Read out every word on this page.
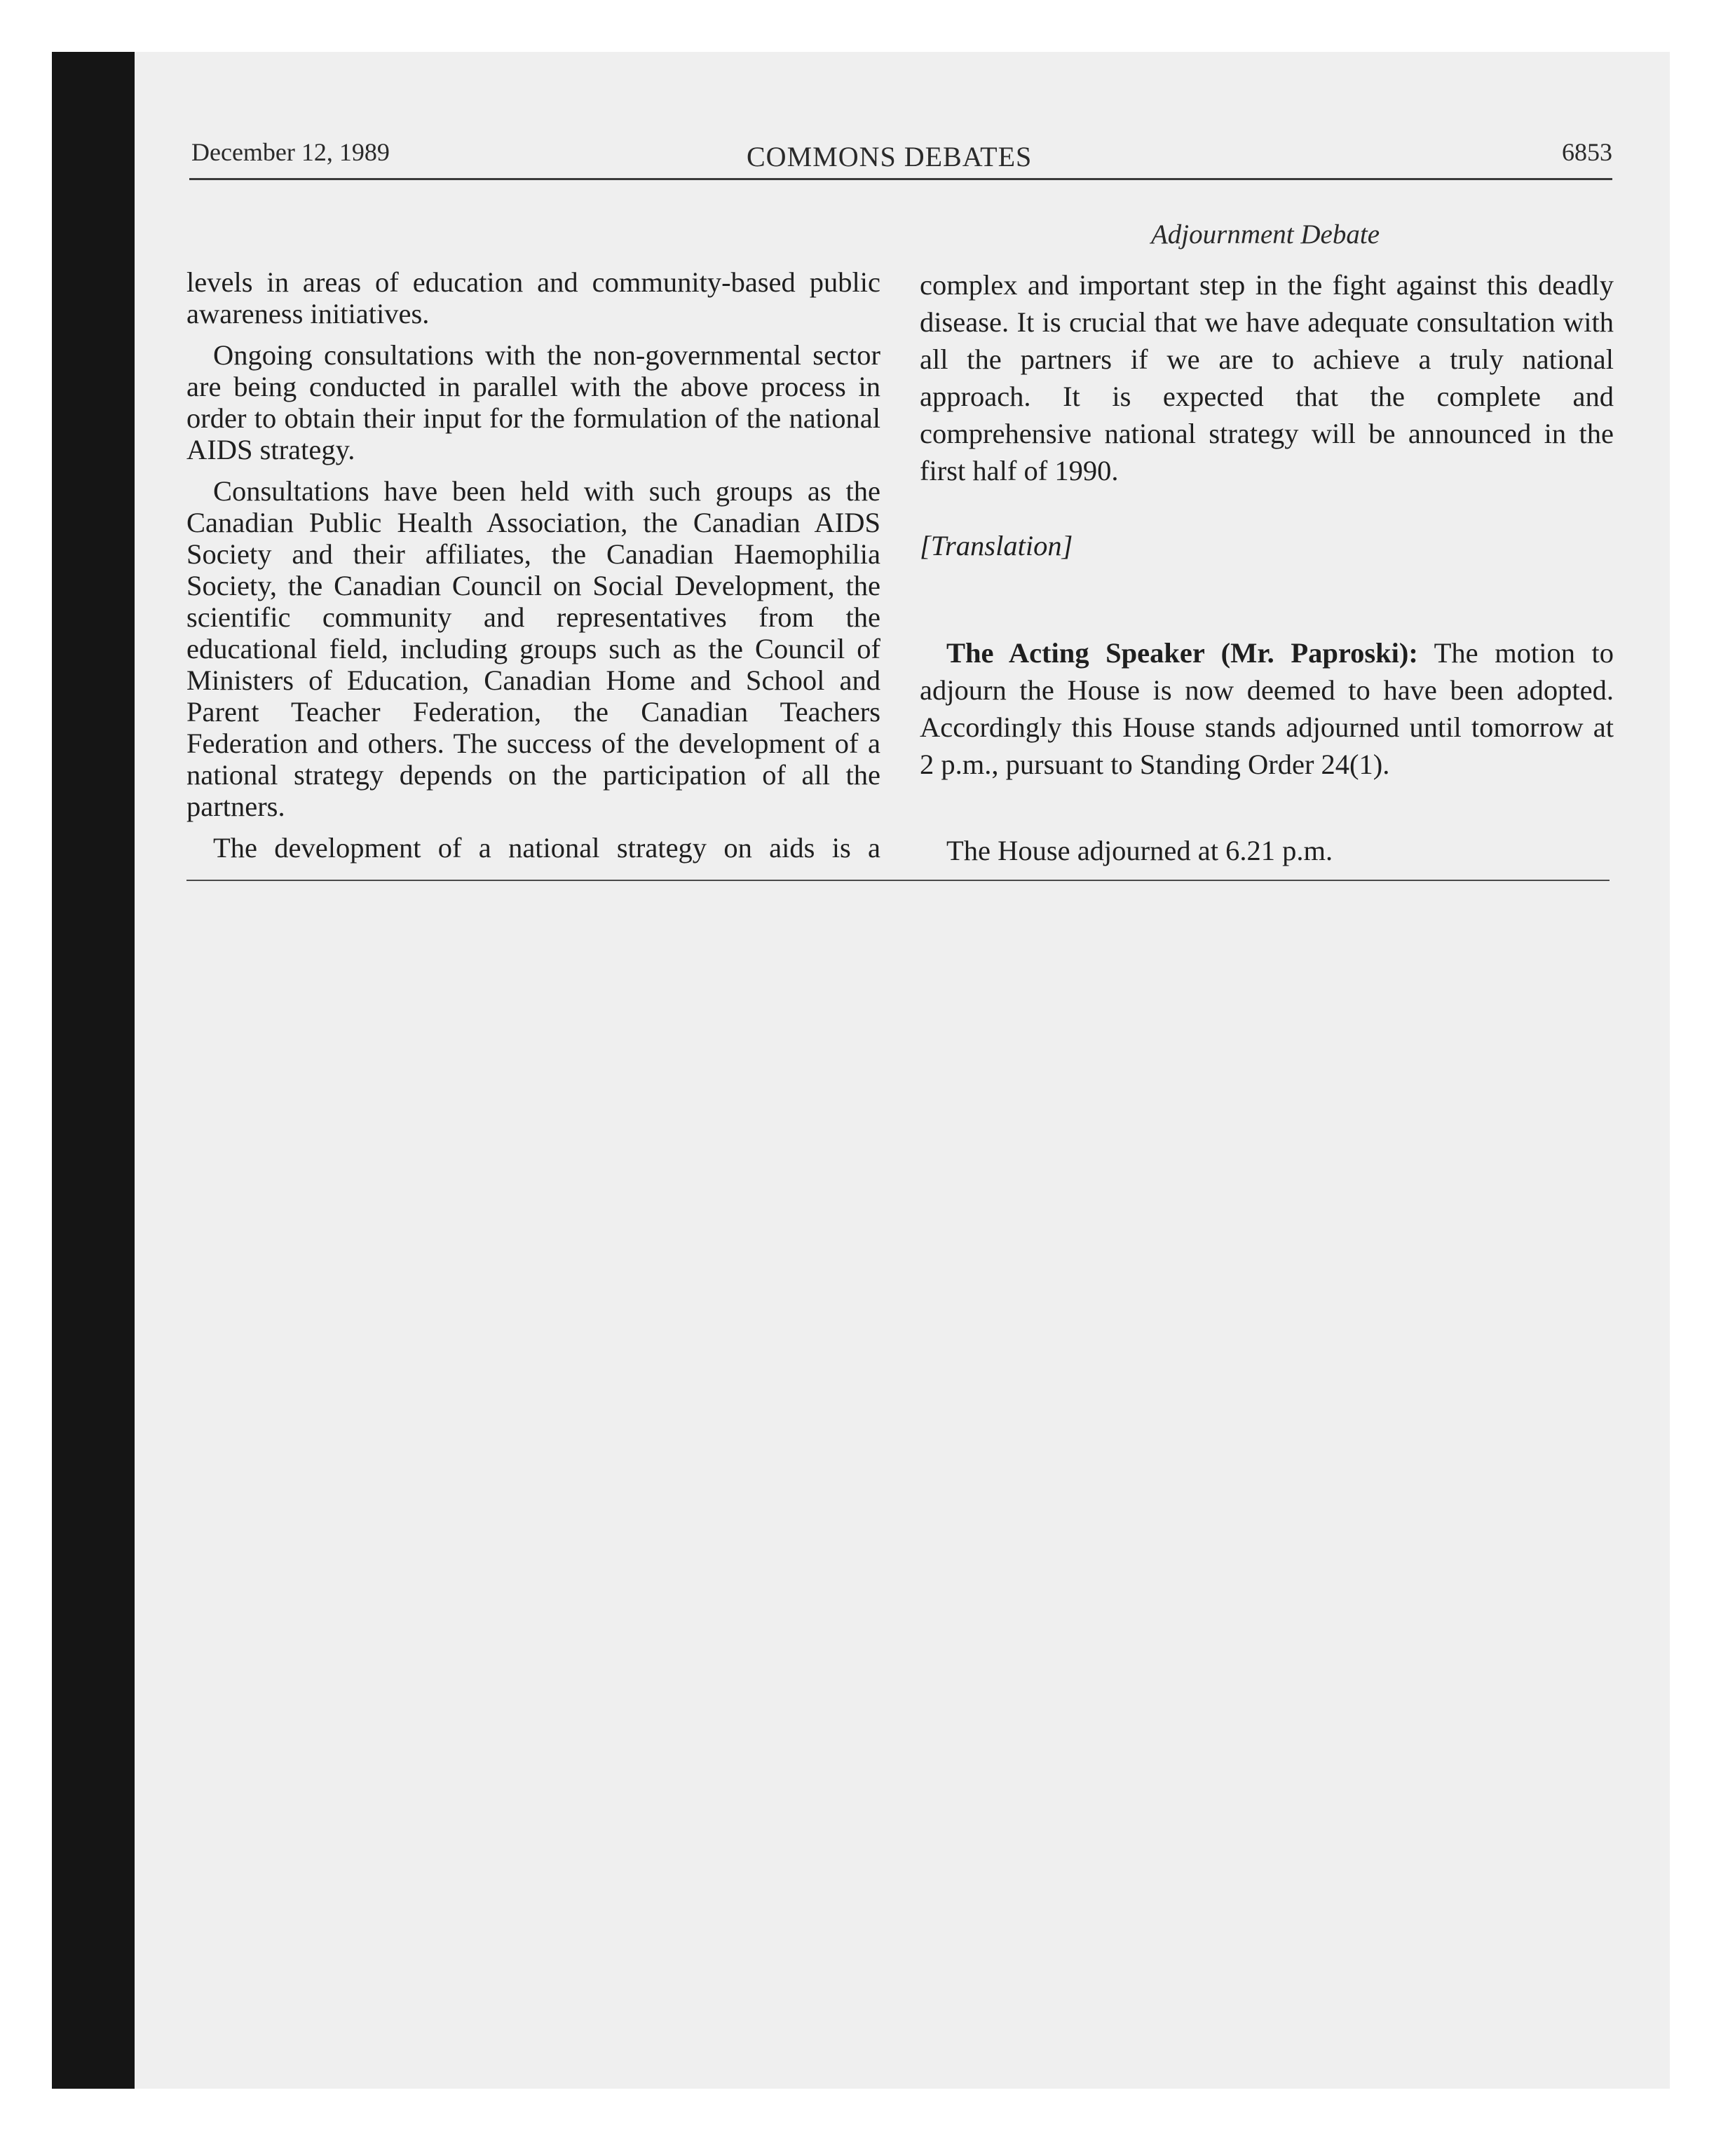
December 12, 1989	COMMONS DEBATES	6853
Adjournment Debate

levels in areas of education and community-based public awareness initiatives.

Ongoing consultations with the non-governmental sector are being conducted in parallel with the above process in order to obtain their input for the formulation of the national AIDS strategy.

Consultations have been held with such groups as the Canadian Public Health Association, the Canadian AIDS Society and their affiliates, the Canadian Haemophilia Society, the Canadian Council on Social Development, the scientific community and representatives from the educational field, including groups such as the Council of Ministers of Education, Canadian Home and School and Parent Teacher Federation, the Canadian Teachers Federation and others. The success of the development of a national strategy depends on the participation of all the partners.

The development of a national strategy on aids is a

complex and important step in the fight against this deadly disease. It is crucial that we have adequate consultation with all the partners if we are to achieve a truly national approach. It is expected that the complete and comprehensive national strategy will be announced in the first half of 1990.

[Translation]

The Acting Speaker (Mr. Paproski): The motion to adjourn the House is now deemed to have been adopted. Accordingly this House stands adjourned until tomorrow at 2 p.m., pursuant to Standing Order 24(1).

The House adjourned at 6.21 p.m.
